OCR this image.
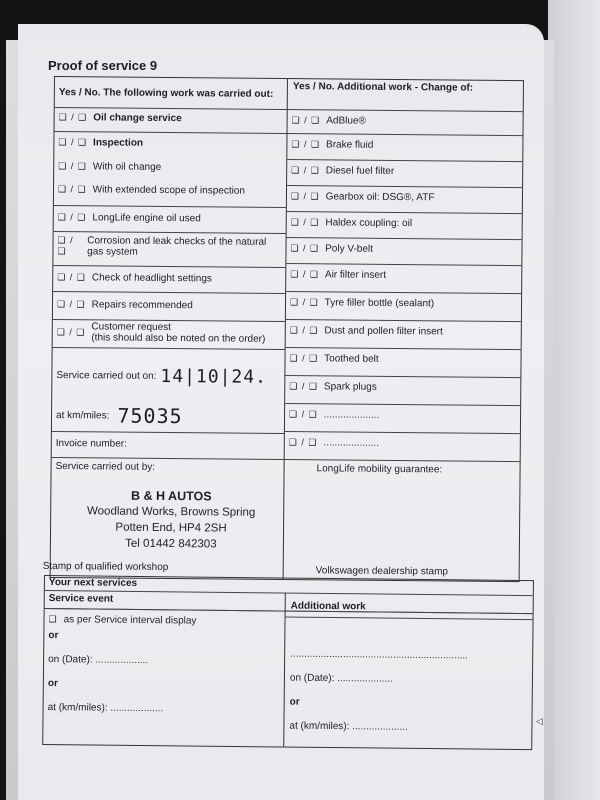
Proof of service 9
Yes / No. The following work was carried out: Yes / No. Additional work - Change of:
❑ / ❑ Oil change service
❑ / ❑ Inspection
❑ / ❑ With oil change
❑ / ❑ With extended scope of inspection
❑ / ❑ LongLife engine oil used
❑ / ❑
Corrosion and leak checks of the natural gas system
❑ / ❑ Check of headlight settings
❑ / ❑ Repairs recommended
❑ / ❑ Customer request
(this should also be noted on the order)
Service carried out on: 14|10|24.
at km/miles: 75035
Invoice number:
Service carried out by:
B & H AUTOS
Woodland Works, Browns Spring
Potten End, HP4 2SH
Tel 01442 842303
Stamp of qualified workshop
❑ / ❑ AdBlue®
❑ / ❑ Brake fluid
❑ / ❑ Diesel fuel filter
❑ / ❑ Gearbox oil: DSG®, ATF
❑ / ❑ Haldex coupling: oil
❑ / ❑ Poly V-belt
❑ / ❑ Air filter insert
❑ / ❑ Tyre filler bottle (sealant)
❑ / ❑ Dust and pollen filter insert
❑ / ❑ Toothed belt
❑ / ❑ Spark plugs
❑ / ❑ ....................
❑ / ❑ ....................
LongLife mobility guarantee:
Volkswagen dealership stamp
Your next services
Service event
Additional work
❑ as per Service interval display
or
on (Date): ...................
or
at (km/miles): ...................
................................................................
on (Date): ....................
or
at (km/miles): ....................	◁
